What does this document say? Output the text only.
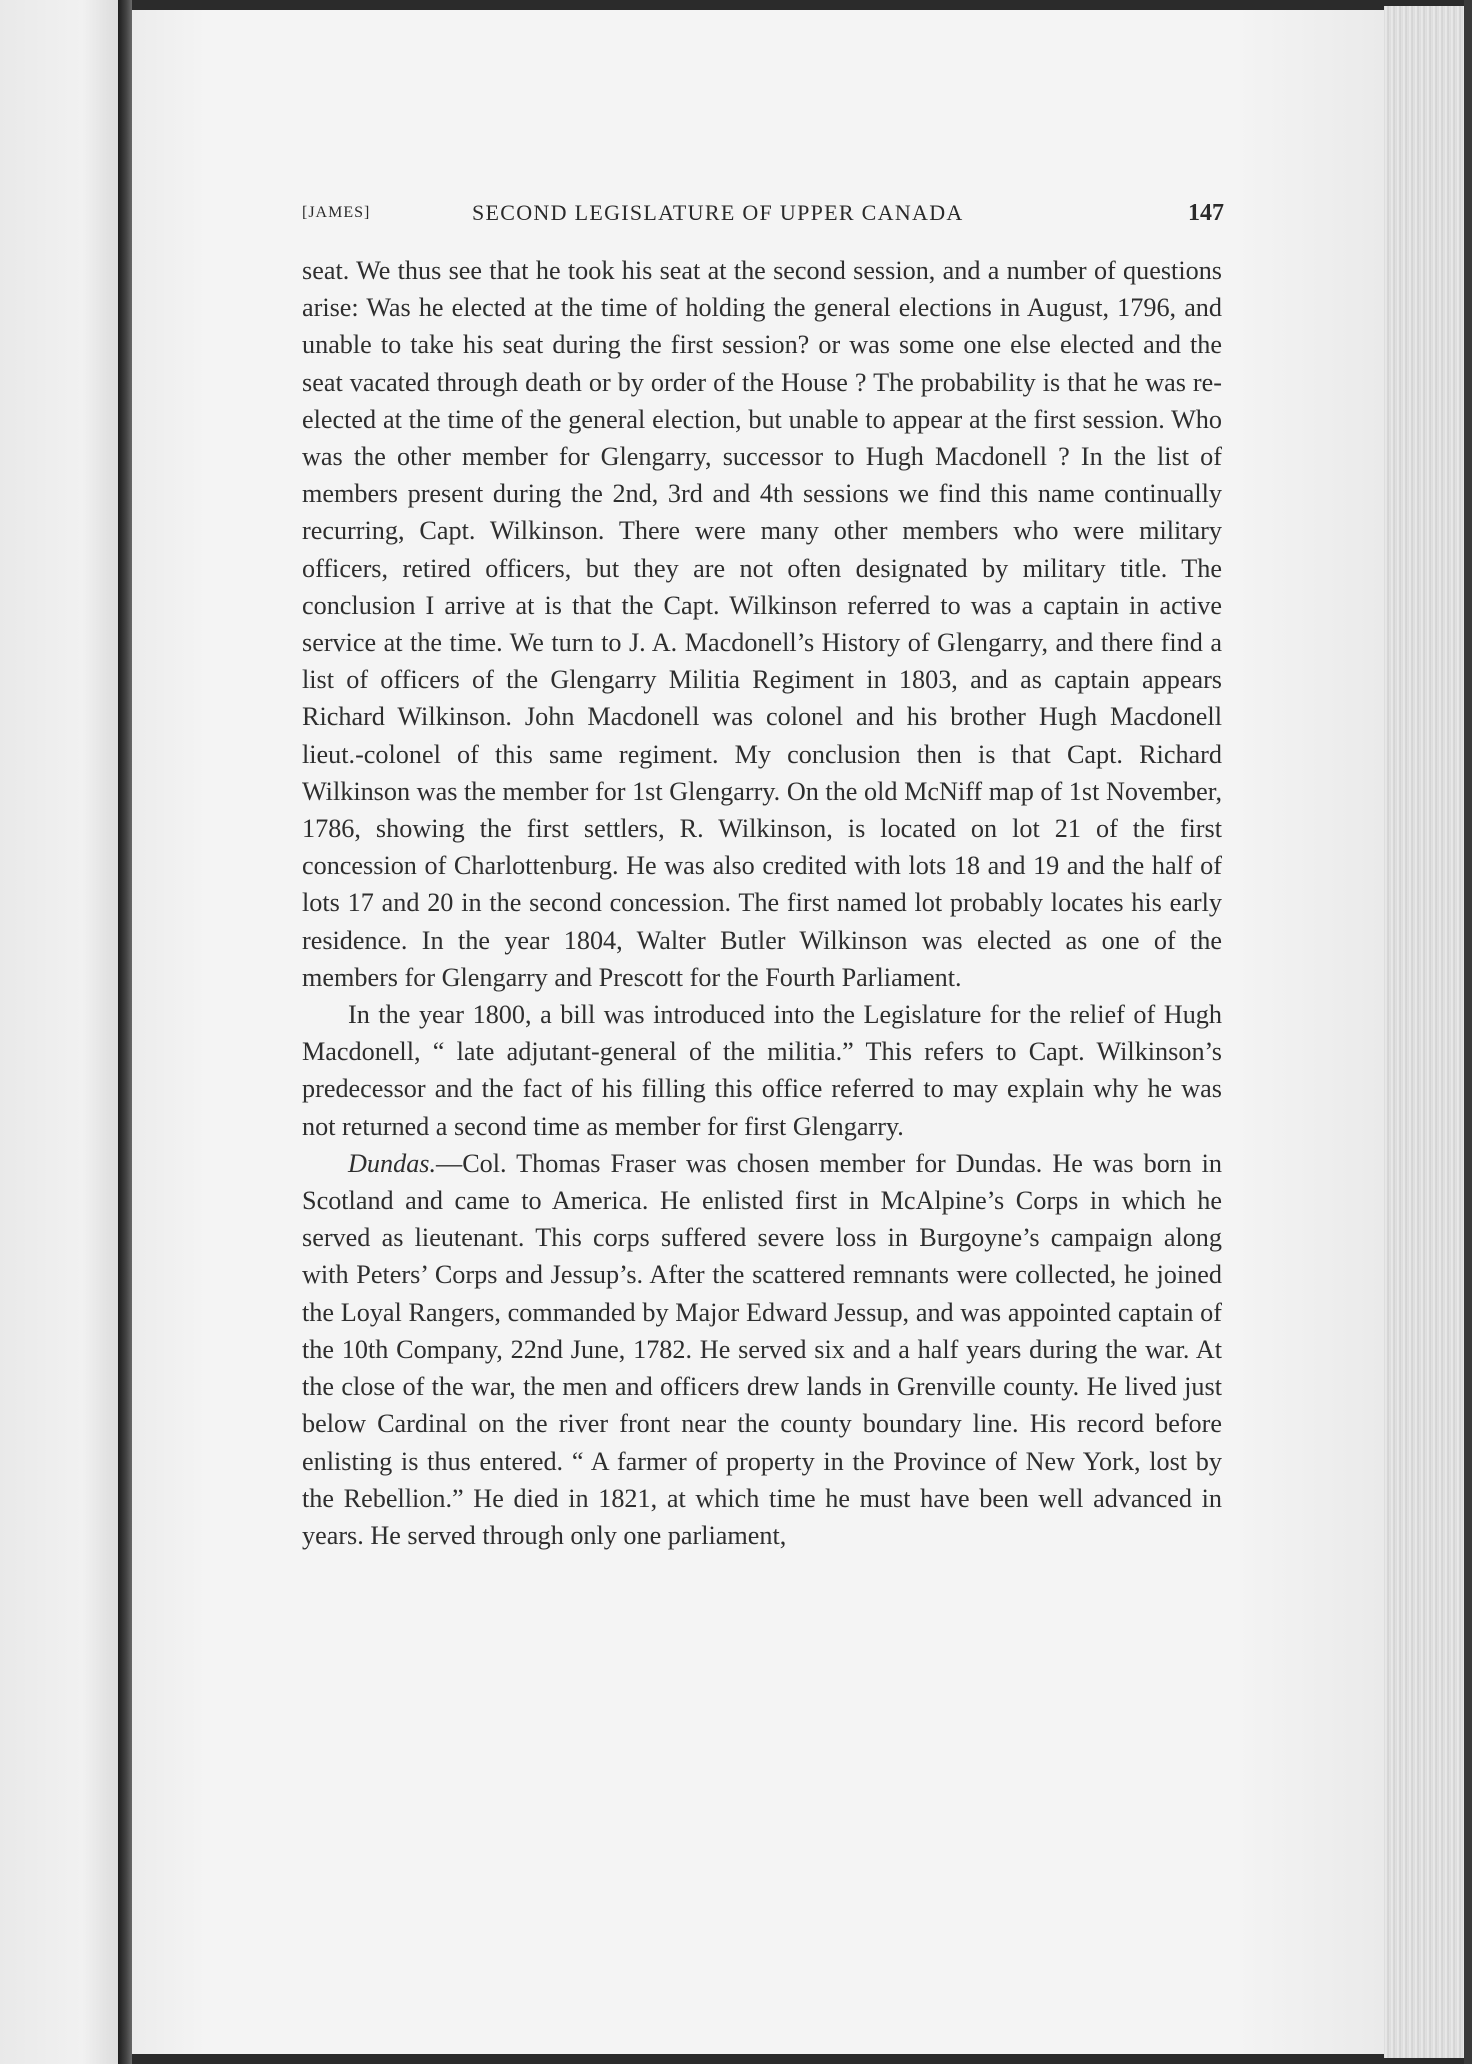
[JAMES]	SECOND LEGISLATURE OF UPPER CANADA	147

seat. We thus see that he took his seat at the second session, and a number of questions arise: Was he elected at the time of holding the general elections in August, 1796, and unable to take his seat during the first session? or was some one else elected and the seat vacated through death or by order of the House ? The probability is that he was re-elected at the time of the general election, but unable to appear at the first session. Who was the other member for Glengarry, successor to Hugh Macdonell ? In the list of members present during the 2nd, 3rd and 4th sessions we find this name continually recurring, Capt. Wilkinson. There were many other members who were military officers, retired officers, but they are not often designated by military title. The conclusion I arrive at is that the Capt. Wilkinson referred to was a captain in active service at the time. We turn to J. A. Macdonell’s History of Glengarry, and there find a list of officers of the Glengarry Militia Regiment in 1803, and as captain appears Richard Wilkinson. John Macdonell was colonel and his brother Hugh Macdonell lieut.-colonel of this same regiment. My conclusion then is that Capt. Richard Wilkinson was the member for 1st Glengarry. On the old McNiff map of 1st November, 1786, showing the first settlers, R. Wilkinson, is located on lot 21 of the first concession of Charlottenburg. He was also credited with lots 18 and 19 and the half of lots 17 and 20 in the second concession. The first named lot probably locates his early residence. In the year 1804, Walter Butler Wilkinson was elected as one of the members for Glengarry and Prescott for the Fourth Parliament.

In the year 1800, a bill was introduced into the Legislature for the relief of Hugh Macdonell, “ late adjutant-general of the militia.” This refers to Capt. Wilkinson’s predecessor and the fact of his filling this office referred to may explain why he was not returned a second time as member for first Glengarry.

Dundas.—Col. Thomas Fraser was chosen member for Dundas. He was born in Scotland and came to America. He enlisted first in McAlpine’s Corps in which he served as lieutenant. This corps suffered severe loss in Burgoyne’s campaign along with Peters’ Corps and Jessup’s. After the scattered remnants were collected, he joined the Loyal Rangers, commanded by Major Edward Jessup, and was appointed captain of the 10th Company, 22nd June, 1782. He served six and a half years during the war. At the close of the war, the men and officers drew lands in Grenville county. He lived just below Cardinal on the river front near the county boundary line. His record before enlisting is thus entered. “ A farmer of property in the Province of New York, lost by the Rebellion.” He died in 1821, at which time he must have been well advanced in years. He served through only one parliament,
